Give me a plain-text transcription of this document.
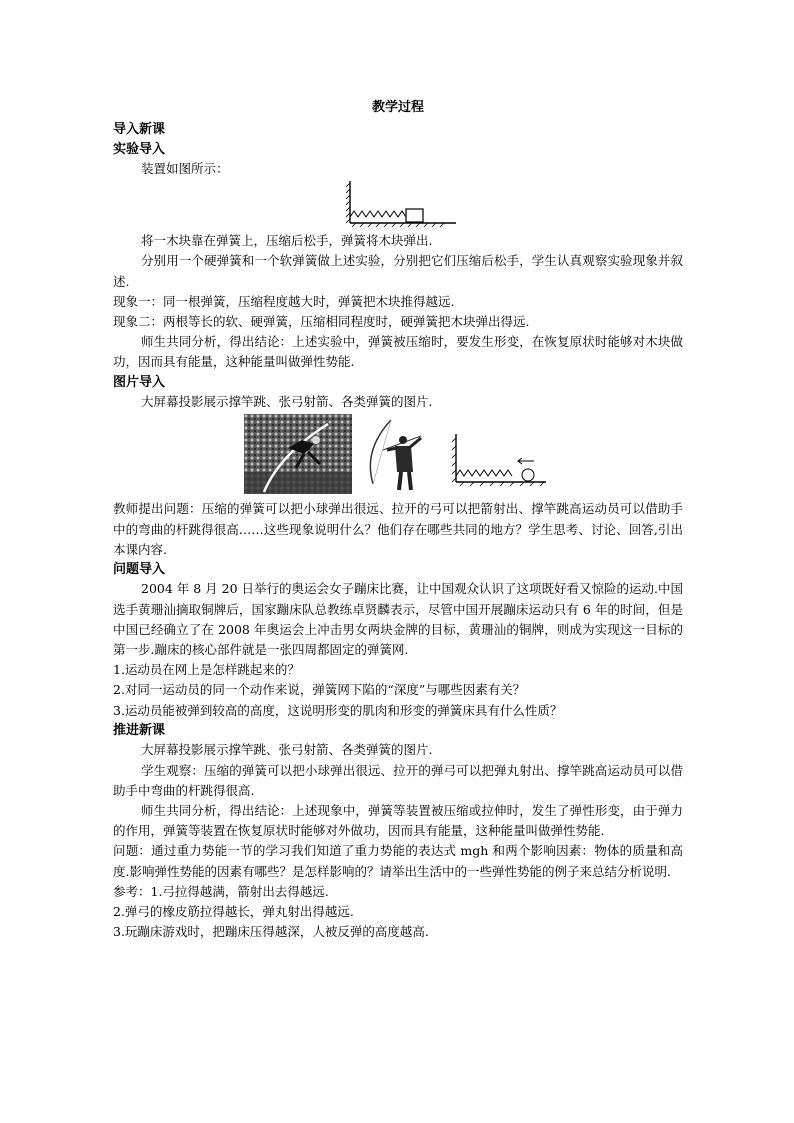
教学过程
导入新课
实验导入

装置如图所示：

将一木块靠在弹簧上，压缩后松手，弹簧将木块弹出.

分别用一个硬弹簧和一个软弹簧做上述实验，分别把它们压缩后松手，学生认真观察实验现象并叙述.

现象一：同一根弹簧，压缩程度越大时，弹簧把木块推得越远.

现象二：两根等长的软、硬弹簧，压缩相同程度时，硬弹簧把木块弹出得远.

师生共同分析，得出结论：上述实验中，弹簧被压缩时，要发生形变，在恢复原状时能够对木块做功，因而具有能量，这种能量叫做弹性势能.

图片导入

大屏幕投影展示撑竿跳、张弓射箭、各类弹簧的图片.

教师提出问题：压缩的弹簧可以把小球弹出很远、拉开的弓可以把箭射出、撑竿跳高运动员可以借助手中的弯曲的杆跳得很高……这些现象说明什么？他们存在哪些共同的地方？学生思考、讨论、回答,引出本课内容.

问题导入

2004 年 8 月 20 日举行的奥运会女子蹦床比赛，让中国观众认识了这项既好看又惊险的运动.中国选手黄珊汕摘取铜牌后，国家蹦床队总教练卓贤麟表示，尽管中国开展蹦床运动只有 6 年的时间，但是中国已经确立了在 2008 年奥运会上冲击男女两块金牌的目标，黄珊汕的铜牌，则成为实现这一目标的第一步.蹦床的核心部件就是一张四周都固定的弹簧网.

1.运动员在网上是怎样跳起来的？

2.对同一运动员的同一个动作来说，弹簧网下陷的“深度”与哪些因素有关？

3.运动员能被弹到较高的高度，这说明形变的肌肉和形变的弹簧床具有什么性质？

推进新课

大屏幕投影展示撑竿跳、张弓射箭、各类弹簧的图片.

学生观察：压缩的弹簧可以把小球弹出很远、拉开的弹弓可以把弹丸射出、撑竿跳高运动员可以借助手中弯曲的杆跳得很高.

师生共同分析，得出结论：上述现象中，弹簧等装置被压缩或拉伸时，发生了弹性形变，由于弹力的作用，弹簧等装置在恢复原状时能够对外做功，因而具有能量，这种能量叫做弹性势能.

问题：通过重力势能一节的学习我们知道了重力势能的表达式 mgh 和两个影响因素：物体的质量和高度.影响弹性势能的因素有哪些？是怎样影响的？请举出生活中的一些弹性势能的例子来总结分析说明.

参考：1.弓拉得越满，箭射出去得越远.

2.弹弓的橡皮筋拉得越长，弹丸射出得越远.

3.玩蹦床游戏时，把蹦床压得越深，人被反弹的高度越高.
